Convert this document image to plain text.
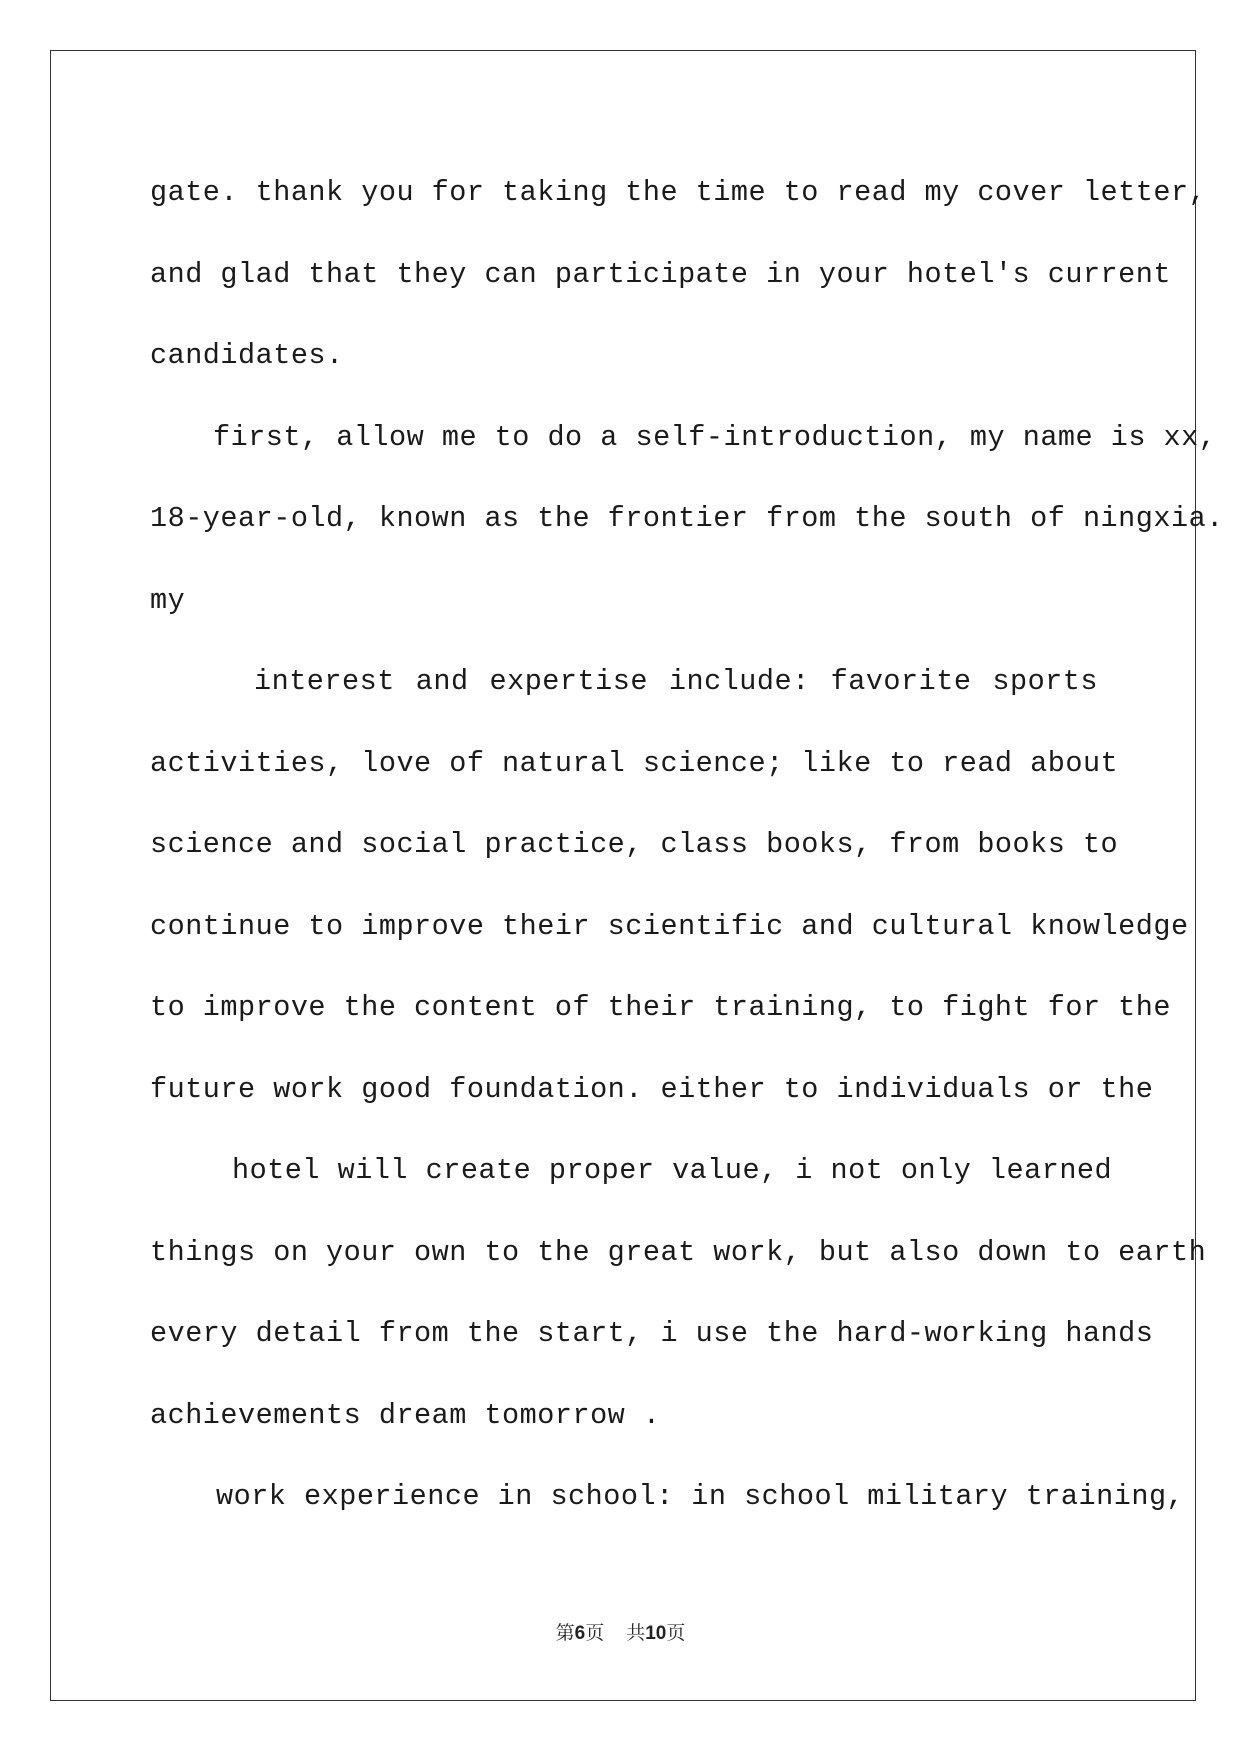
gate. thank you for taking the time to read my cover letter,
and glad that they can participate in your hotel's current
candidates.
first, allow me to do a self-introduction, my name is xx,
18-year-old, known as the frontier from the south of ningxia.
my
interest and expertise include: favorite sports
activities, love of natural science; like to read about
science and social practice, class books, from books to
continue to improve their scientific and cultural knowledge
to improve the content of their training, to fight for the
future work good foundation. either to individuals or the
hotel will create proper value, i not only learned
things on your own to the great work, but also down to earth
every detail from the start, i use the hard-working hands
achievements dream tomorrow .
work experience in school: in school military training,
第6页 共10页
